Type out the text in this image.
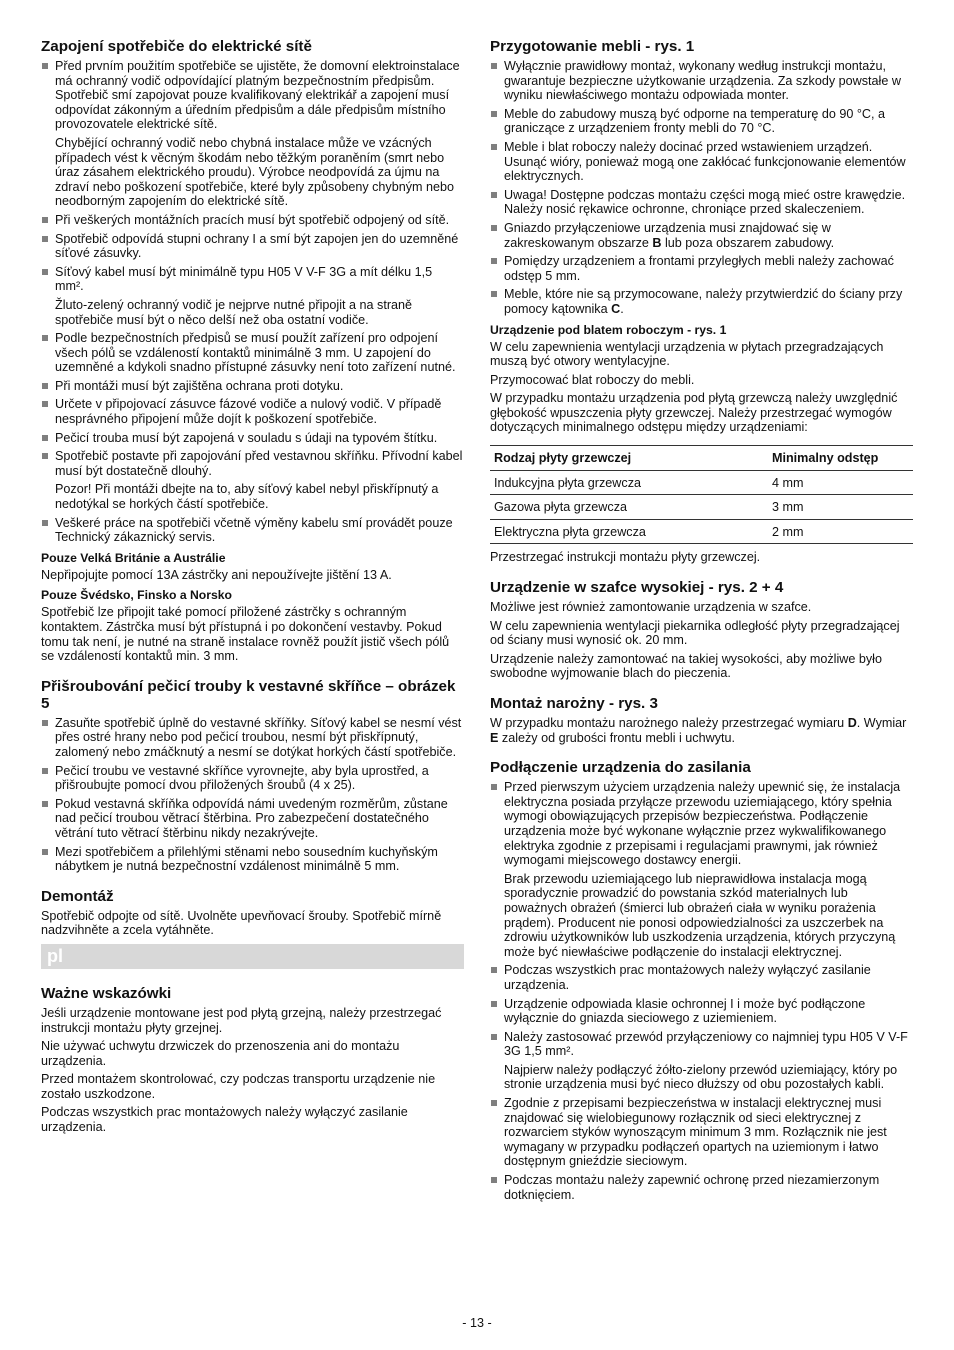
Zapojení spotřebiče do elektrické sítě
Před prvním použitím spotřebiče se ujistěte, že domovní elektroinstalace má ochranný vodič odpovídající platným bezpečnostním předpisům. Spotřebič smí zapojovat pouze kvalifikovaný elektrikář a zapojení musí odpovídat zákonným a úředním předpisům a dále předpisům místního provozovatele elektrické sítě.
Chybějící ochranný vodič nebo chybná instalace může ve vzácných případech vést k věcným škodám nebo těžkým poraněním (smrt nebo úraz zásahem elektrického proudu). Výrobce neodpovídá za újmu na zdraví nebo poškození spotřebiče, které byly způsobeny chybným nebo neodborným zapojením do elektrické sítě.
Při veškerých montážních pracích musí být spotřebič odpojený od sítě.
Spotřebič odpovídá stupni ochrany I a smí být zapojen jen do uzemněné síťové zásuvky.
Síťový kabel musí být minimálně typu H05 V V-F 3G a mít délku 1,5 mm².
Žluto-zelený ochranný vodič je nejprve nutné připojit a na straně spotřebiče musí být o něco delší než oba ostatní vodiče.
Podle bezpečnostních předpisů se musí použít zařízení pro odpojení všech pólů se vzdáleností kontaktů minimálně 3 mm. U zapojení do uzemněné a kdykoli snadno přístupné zásuvky není toto zařízení nutné.
Při montáži musí být zajištěna ochrana proti dotyku.
Určete v připojovací zásuvce fázové vodiče a nulový vodič. V případě nesprávného připojení může dojít k poškození spotřebiče.
Pečicí trouba musí být zapojená v souladu s údaji na typovém štítku.
Spotřebič postavte při zapojování před vestavnou skříňku. Přívodní kabel musí být dostatečně dlouhý.
Pozor! Při montáži dbejte na to, aby síťový kabel nebyl přiskřípnutý a nedotýkal se horkých částí spotřebiče.
Veškeré práce na spotřebiči včetně výměny kabelu smí provádět pouze Technický zákaznický servis.
Pouze Velká Británie a Austrálie

Nepřipojujte pomocí 13A zástrčky ani nepoužívejte jištění 13 A.

Pouze Švédsko, Finsko a Norsko

Spotřebič lze připojit také pomocí přiložené zástrčky s ochranným kontaktem. Zástrčka musí být přístupná i po dokončení vestavby. Pokud tomu tak není, je nutné na straně instalace rovněž použít jistič všech pólů se vzdáleností kontaktů min. 3 mm.

Přišroubování pečicí trouby k vestavné skříňce – obrázek 5
Zasuňte spotřebič úplně do vestavné skříňky. Síťový kabel se nesmí vést přes ostré hrany nebo pod pečicí troubou, nesmí být přiskřípnutý, zalomený nebo zmáčknutý a nesmí se dotýkat horkých částí spotřebiče.
Pečicí troubu ve vestavné skříňce vyrovnejte, aby byla uprostřed, a přišroubujte pomocí dvou přiložených šroubů (4 x 25).
Pokud vestavná skříňka odpovídá námi uvedeným rozměrům, zůstane nad pečicí troubou větrací štěrbina. Pro zabezpečení dostatečného větrání tuto větrací štěrbinu nikdy nezakrývejte.
Mezi spotřebičem a přilehlými stěnami nebo sousedním kuchyňským nábytkem je nutná bezpečnostní vzdálenost minimálně 5 mm.
Demontáž

Spotřebič odpojte od sítě. Uvolněte upevňovací šrouby. Spotřebič mírně nadzvihněte a zcela vytáhněte.

pl
Ważne wskazówki

Jeśli urządzenie montowane jest pod płytą grzejną, należy przestrzegać instrukcji montażu płyty grzejnej.

Nie używać uchwytu drzwiczek do przenoszenia ani do montażu urządzenia.

Przed montażem skontrolować, czy podczas transportu urządzenie nie zostało uszkodzone.

Podczas wszystkich prac montażowych należy wyłączyć zasilanie urządzenia.

Przygotowanie mebli - rys. 1
Wyłącznie prawidłowy montaż, wykonany według instrukcji montażu, gwarantuje bezpieczne użytkowanie urządzenia. Za szkody powstałe w wyniku niewłaściwego montażu odpowiada monter.
Meble do zabudowy muszą być odporne na temperaturę do 90 °C, a graniczące z urządzeniem fronty mebli do 70 °C.
Meble i blat roboczy należy docinać przed wstawieniem urządzeń. Usunąć wióry, ponieważ mogą one zakłócać funkcjonowanie elementów elektrycznych.
Uwaga! Dostępne podczas montażu części mogą mieć ostre krawędzie. Należy nosić rękawice ochronne, chroniące przed skaleczeniem.
Gniazdo przyłączeniowe urządzenia musi znajdować się w zakreskowanym obszarze B lub poza obszarem zabudowy.
Pomiędzy urządzeniem a frontami przyległych mebli należy zachować odstęp 5 mm.
Meble, które nie są przymocowane, należy przytwierdzić do ściany przy pomocy kątownika C.
Urządzenie pod blatem roboczym - rys. 1

W celu zapewnienia wentylacji urządzenia w płytach przegradzających muszą być otwory wentylacyjne.

Przymocować blat roboczy do mebli.

W przypadku montażu urządzenia pod płytą grzewczą należy uwzględnić głębokość wpuszczenia płyty grzewczej. Należy przestrzegać wymogów dotyczących minimalnego odstępu między urządzeniami:

Rodzaj płyty grzewczej	Minimalny odstęp
Indukcyjna płyta grzewcza	4 mm
Gazowa płyta grzewcza	3 mm
Elektryczna płyta grzewcza	2 mm

Przestrzegać instrukcji montażu płyty grzewczej.

Urządzenie w szafce wysokiej - rys. 2 + 4

Możliwe jest również zamontowanie urządzenia w szafce.

W celu zapewnienia wentylacji piekarnika odległość płyty przegradzającej od ściany musi wynosić ok. 20 mm.

Urządzenie należy zamontować na takiej wysokości, aby możliwe było swobodne wyjmowanie blach do pieczenia.

Montaż narożny - rys. 3

W przypadku montażu narożnego należy przestrzegać wymiaru D. Wymiar E zależy od grubości frontu mebli i uchwytu.

Podłączenie urządzenia do zasilania
Przed pierwszym użyciem urządzenia należy upewnić się, że instalacja elektryczna posiada przyłącze przewodu uziemiającego, który spełnia wymogi obowiązujących przepisów bezpieczeństwa. Podłączenie urządzenia może być wykonane wyłącznie przez wykwalifikowanego elektryka zgodnie z przepisami i regulacjami prawnymi, jak również wymogami miejscowego dostawcy energii.
Brak przewodu uziemiającego lub nieprawidłowa instalacja mogą sporadycznie prowadzić do powstania szkód materialnych lub poważnych obrażeń (śmierci lub obrażeń ciała w wyniku porażenia prądem). Producent nie ponosi odpowiedzialności za uszczerbek na zdrowiu użytkowników lub uszkodzenia urządzenia, których przyczyną może być niewłaściwe podłączenie do instalacji elektrycznej.
Podczas wszystkich prac montażowych należy wyłączyć zasilanie urządzenia.
Urządzenie odpowiada klasie ochronnej I i może być podłączone wyłącznie do gniazda sieciowego z uziemieniem.
Należy zastosować przewód przyłączeniowy co najmniej typu H05 V V-F 3G 1,5 mm².
Najpierw należy podłączyć żółto-zielony przewód uziemiający, który po stronie urządzenia musi być nieco dłuższy od obu pozostałych kabli.
Zgodnie z przepisami bezpieczeństwa w instalacji elektrycznej musi znajdować się wielobiegunowy rozłącznik od sieci elektrycznej z rozwarciem styków wynoszącym minimum 3 mm. Rozłącznik nie jest wymagany w przypadku podłączeń opartych na uziemionym i łatwo dostępnym gnieździe sieciowym.
Podczas montażu należy zapewnić ochronę przed niezamierzonym dotknięciem.
- 13 -
